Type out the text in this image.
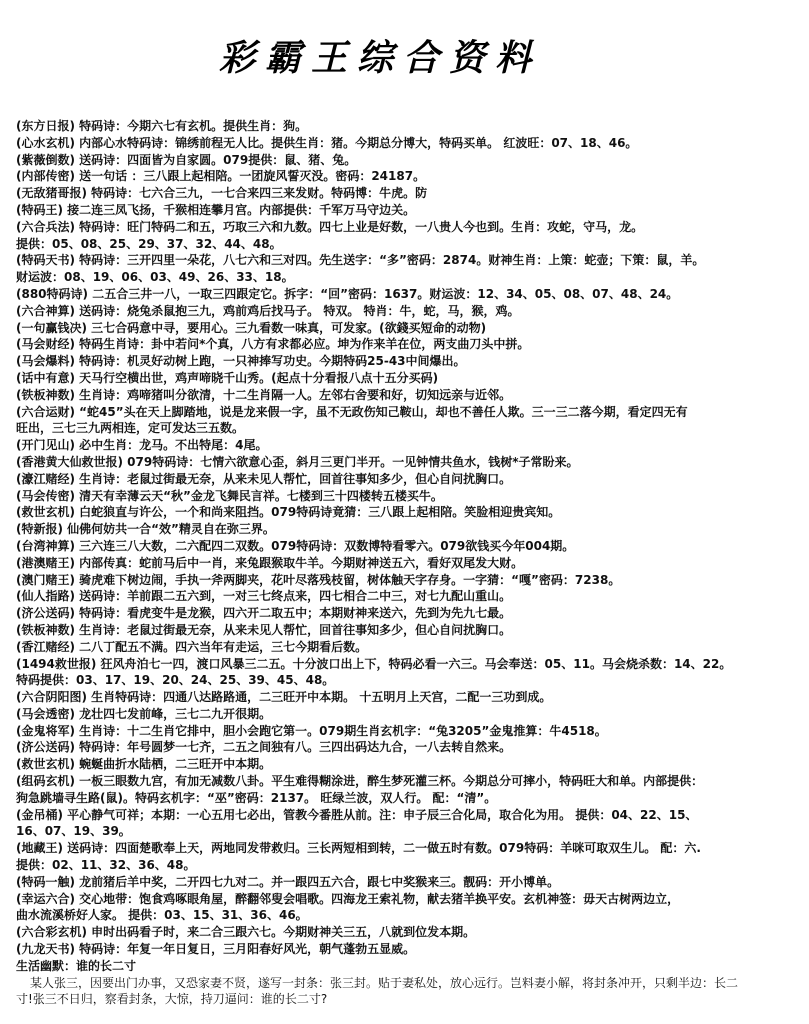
彩霸王综合资料
(东方日报) 特码诗：今期六七有玄机。提供生肖：狗。
(心水玄机) 内部心水特码诗：锦绣前程无人比。提供生肖：猪。今期总分博大，特码买单。 红波旺：07、18、46。
(紫薇倒数) 送码诗：四面皆为自家圆。079提供：鼠、猪、兔。
(内部传密) 送一句话 ：三八跟上起相陪。一团旋风誓灭没。密码：24187。
(无敌猪哥报) 特码诗：七六合三九，一七合来四三来发财。特码博：牛虎。防
(特码王) 接二连三凤飞扬，千猴相连攀月宫。内部提供：千军万马守边关。
(六合兵法) 特码诗：旺门特码二和五，巧取三六和九数。四七上业是好数，一八贵人今也到。生肖：攻蛇，守马，龙。
提供：05、08、25、29、37、32、44、48。
(特码天书) 特码诗：三开四里一朵花，八七六和三对四。先生送字：“多”密码：2874。财神生肖：上策：蛇壶；下策：鼠，羊。
财运波：08、19、06、03、49、26、33、18。
(880特码诗) 二五合三井一八，一取三四跟定它。拆字：“回”密码：1637。财运波：12、34、05、08、07、48、24。
(六合神算) 送码诗：烧兔杀鼠抱三九，鸡前鸡后找马子。 特双。 特肖：牛，蛇，马，猴，鸡。
(一句赢钱决) 三七合码意中寻，要用心。三九看数一味真，可发家。(欲錢买短命的动物)
(马会财经) 特码生肖诗：卦中若问*个真，八方有求都必应。坤为作来羊在位，两支曲刀头中拼。
(马会爆料) 特码诗：机灵好动树上跑，一只神捧写功史。今期特码25-43中间爆出。
(话中有意) 天马行空横出世，鸡声啼晓千山秀。(起点十分看报八点十五分买码)
(铁板神数) 生肖诗：鸡啼猪叫分欲清，十二生肖隔一人。左邻右舍要和好，切知远亲与近邻。
(六合运财) “蛇45”头在天上脚踏地，说是龙来假一字，虽不无政伤知己鞍山，却也不善任人欺。三一三二落今期，看定四无有
旺出，三七三九两相连，定可发达三五数。
(开门见山) 必中生肖：龙马。不出特尾：4尾。
(香港黄大仙救世报) 079特码诗：七情六欲意心歪，斜月三更门半开。一见钟情共鱼水，钱树*子常盼来。
(濠江赌经) 生肖诗：老鼠过街最无奈，从来未见人帮忙，回首往事知多少，但心自问扰胸口。
(马会传密) 清天有幸薄云天“秋”金龙飞舞民言祥。七楼到三十四楼转五楼买牛。
(救世玄机) 白蛇狼直与许公，一个和尚来阻挡。079特码诗竟猜：三八跟上起相陪。笑脸相迎贵宾知。
(特新报) 仙佛何妨共一合“效”精灵自在弥三界。
(台湾神算) 三六连三八大数，二六配四二双数。079特码诗：双数博特看零六。079欲钱买今年004期。
(港澳赌王) 内部传真：蛇前马后中一肖，来兔跟猴取牛羊。今期财神送五六，看好双尾发大财。
(澳门赌王) 骑虎难下树边闹，手执一斧两脚夹，花叶尽落残枝留，树体触天字存身。一字猜：“嘎”密码：7238。
(仙人指路) 送码诗：羊前跟二五六到，一对三七终点来，四七相合二中三，对七九配山重山。
(济公送码) 特码诗：看虎变牛是龙猴，四六开二取五中；本期财神来送六，先到为先九七最。
(铁板神数) 生肖诗：老鼠过街最无奈，从来未见人帮忙，回首往事知多少，但心自问扰胸口。
(香江赌经) 二八丁配五不满。四六当年有走运，三七今期看后数。
(1494救世报) 狂风舟泊七一四，渡口风暴三二五。十分波口出上下，特码必看一六三。马会奉送：05、11。马会烧杀数：14、22。
特码提供：03、17、19、20、24、25、39、45、48。
(六合阴阳图) 生肖特码诗：四通八达路路通，二三旺开中本期。 十五明月上天宫，二配一三功到成。
(马会透密) 龙壮四七发前峰，三七二九开很期。
(金鬼将军) 生肖诗：十二生肖它排中，胆小会跑它第一。079期生肖玄机字：“兔3205”金鬼推算：牛4518。
(济公送码) 特码诗：年号圆梦一七齐，二五之间独有八。三四出码达九合，一八去转自然来。
(救世玄机) 蜿蜒曲折水陆栖，二三旺开中本期。
(组码玄机) 一板三眼数九宫，有加无减数八卦。平生难得糊涂进，醉生梦死灌三杯。今期总分可摔小，特码旺大和单。内部提供：
狗急跳墙寻生路(鼠)。特码玄机字：“巫”密码：2137。 旺绿兰波，双人行。 配：“清”。
(金吊桶) 平心静气可祥；本期：一心五用七必出，管教今番胜从前。注：申子辰三合化局，取合化为用。 提供：04、22、15、
16、07、19、39。
(地藏王) 送码诗：四面楚歌奉上天，两地同发带救归。三长两短相到转，二一做五时有数。079特码：羊咪可取双生儿。 配：六.
提供：02、11、32、36、48。
(特码一触) 龙前猪后羊中奖，二开四七九对二。并一跟四五六合，跟七中奖猴来三。靓码：开小博单。
(幸运六合) 交心地带：饱食鸡啄眼角屋，醉翻邻叟会唱歌。四海龙王索礼物，献去猪羊换平安。玄机神签：毋天古树两边立，
曲水流溪桥好人家。 提供：03、15、31、36、46。
(六合彩玄机) 申时出码看子时，来二合三跟六七。今期财神关三五，八就到位发本期。
(九龙天书) 特码诗：年复一年日复日，三月阳春好风光，朝气蓬勃五显威。
生活幽默：谁的长二寸
某人张三，因要出门办事，又恐家妻不贤，遂写一封条：张三封。贴于妻私处，放心远行。岂料妻小解，将封条冲开，只剩半边：长二
寸!张三不日归，察看封条，大惊，持刀逼问：谁的长二寸?
